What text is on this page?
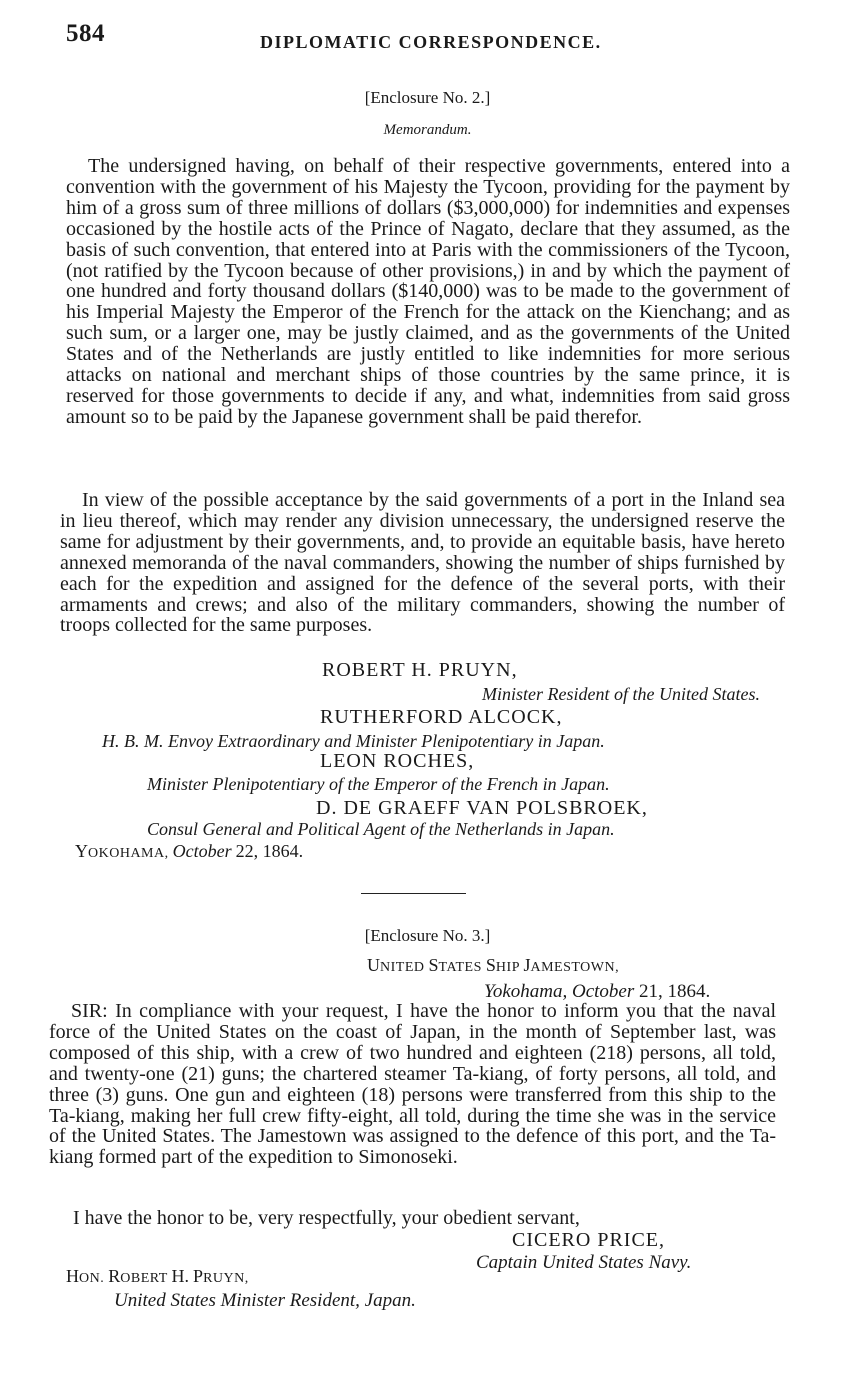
584	DIPLOMATIC CORRESPONDENCE.
[Enclosure No. 2.]
Memorandum.
The undersigned having, on behalf of their respective governments, entered into a convention with the government of his Majesty the Tycoon, providing for the payment by him of a gross sum of three millions of dollars ($3,000,000) for indemnities and expenses occasioned by the hostile acts of the Prince of Nagato, declare that they assumed, as the basis of such convention, that entered into at Paris with the commissioners of the Tycoon, (not ratified by the Tycoon because of other provisions,) in and by which the payment of one hundred and forty thousand dollars ($140,000) was to be made to the government of his Imperial Majesty the Emperor of the French for the attack on the Kienchang; and as such sum, or a larger one, may be justly claimed, and as the governments of the United States and of the Netherlands are justly entitled to like indemnities for more serious attacks on national and merchant ships of those countries by the same prince, it is reserved for those governments to decide if any, and what, indemnities from said gross amount so to be paid by the Japanese government shall be paid therefor.
In view of the possible acceptance by the said governments of a port in the Inland sea in lieu thereof, which may render any division unnecessary, the undersigned reserve the same for adjustment by their governments, and, to provide an equitable basis, have hereto annexed memoranda of the naval commanders, showing the number of ships furnished by each for the expedition and assigned for the defence of the several ports, with their armaments and crews; and also of the military commanders, showing the number of troops collected for the same purposes.
ROBERT H. PRUYN,
Minister Resident of the United States.
RUTHERFORD ALCOCK,
H. B. M. Envoy Extraordinary and Minister Plenipotentiary in Japan.
LEON ROCHES,
Minister Plenipotentiary of the Emperor of the French in Japan.
D. DE GRAEFF VAN POLSBROEK,
Consul General and Political Agent of the Netherlands in Japan.
YOKOHAMA, October 22, 1864.
[Enclosure No. 3.]
UNITED STATES SHIP JAMESTOWN,
Yokohama, October 21, 1864.
SIR: In compliance with your request, I have the honor to inform you that the naval force of the United States on the coast of Japan, in the month of September last, was composed of this ship, with a crew of two hundred and eighteen (218) persons, all told, and twenty-one (21) guns; the chartered steamer Ta-kiang, of forty persons, all told, and three (3) guns. One gun and eighteen (18) persons were transferred from this ship to the Ta-kiang, making her full crew fifty-eight, all told, during the time she was in the service of the United States. The Jamestown was assigned to the defence of this port, and the Ta-kiang formed part of the expedition to Simonoseki.
I have the honor to be, very respectfully, your obedient servant,
CICERO PRICE,
Captain United States Navy.
HON. ROBERT H. PRUYN,
United States Minister Resident, Japan.
